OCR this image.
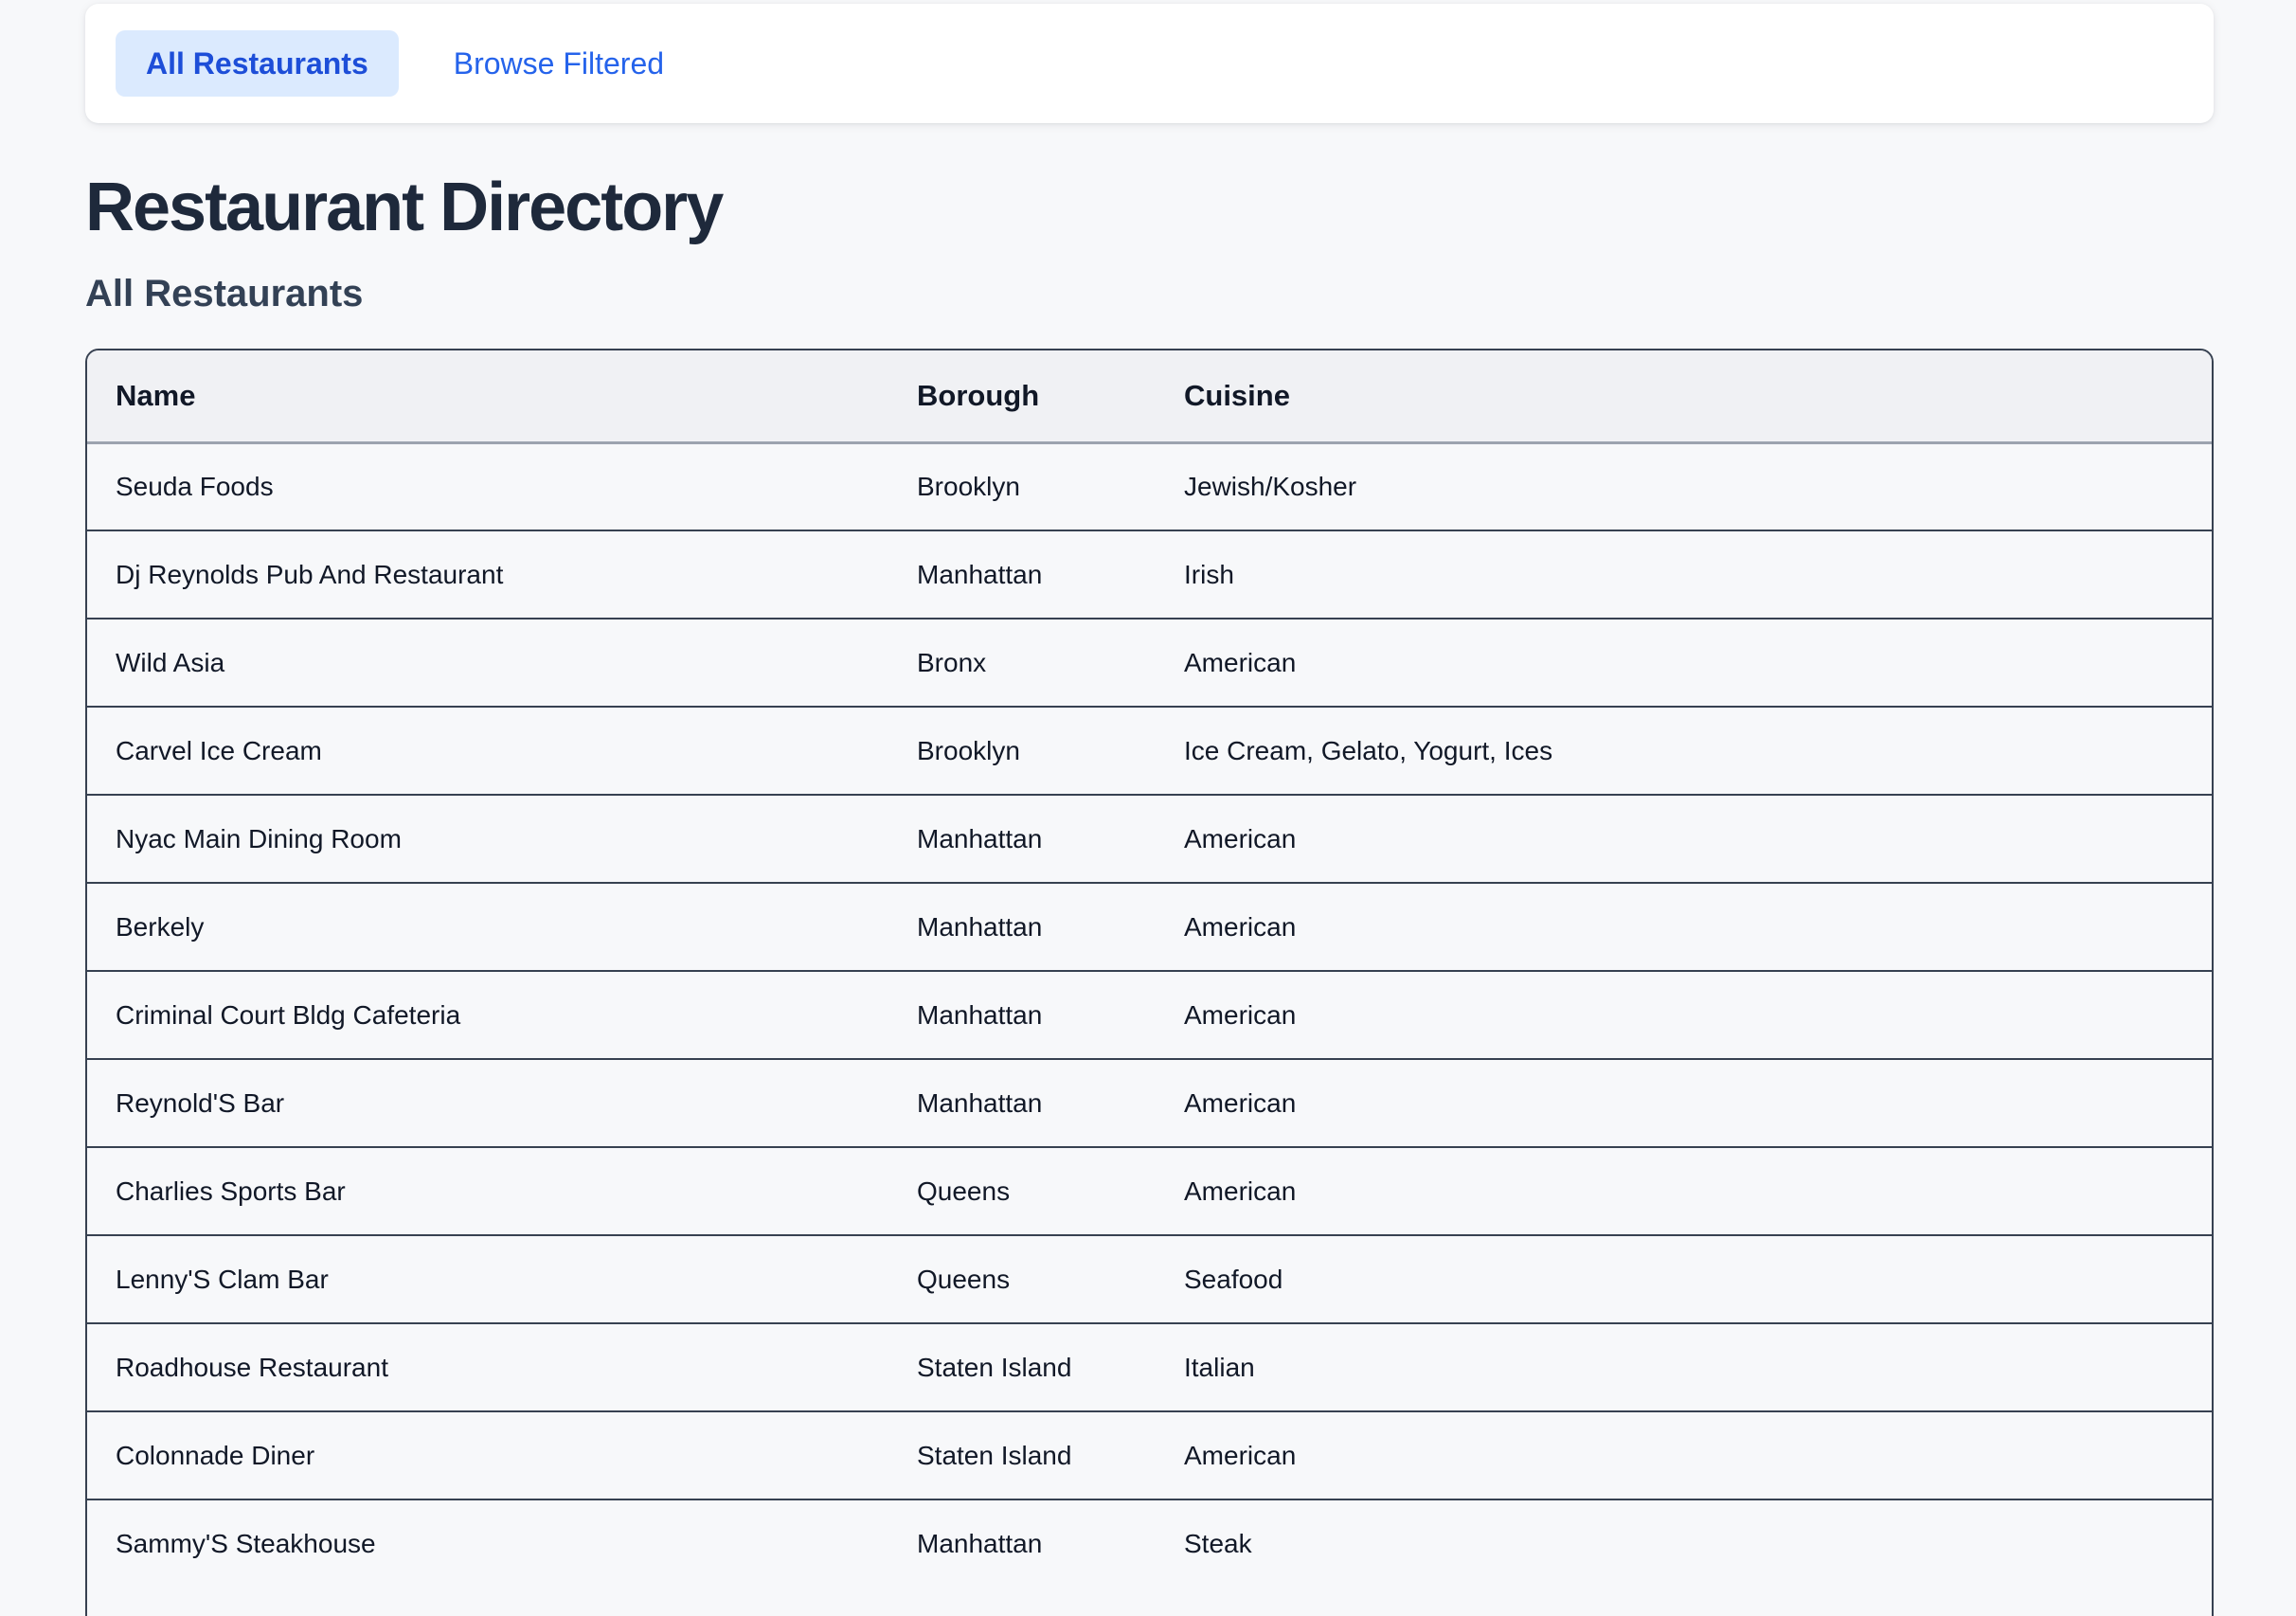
All Restaurants	Browse Filtered
Restaurant Directory
All Restaurants
Name	Borough	Cuisine
Seuda Foods	Brooklyn	Jewish/Kosher
Dj Reynolds Pub And Restaurant	Manhattan	Irish
Wild Asia	Bronx	American
Carvel Ice Cream	Brooklyn	Ice Cream, Gelato, Yogurt, Ices
Nyac Main Dining Room	Manhattan	American
Berkely	Manhattan	American
Criminal Court Bldg Cafeteria	Manhattan	American
Reynold'S Bar	Manhattan	American
Charlies Sports Bar	Queens	American
Lenny'S Clam Bar	Queens	Seafood
Roadhouse Restaurant	Staten Island	Italian
Colonnade Diner	Staten Island	American
Sammy'S Steakhouse	Manhattan	Steak
